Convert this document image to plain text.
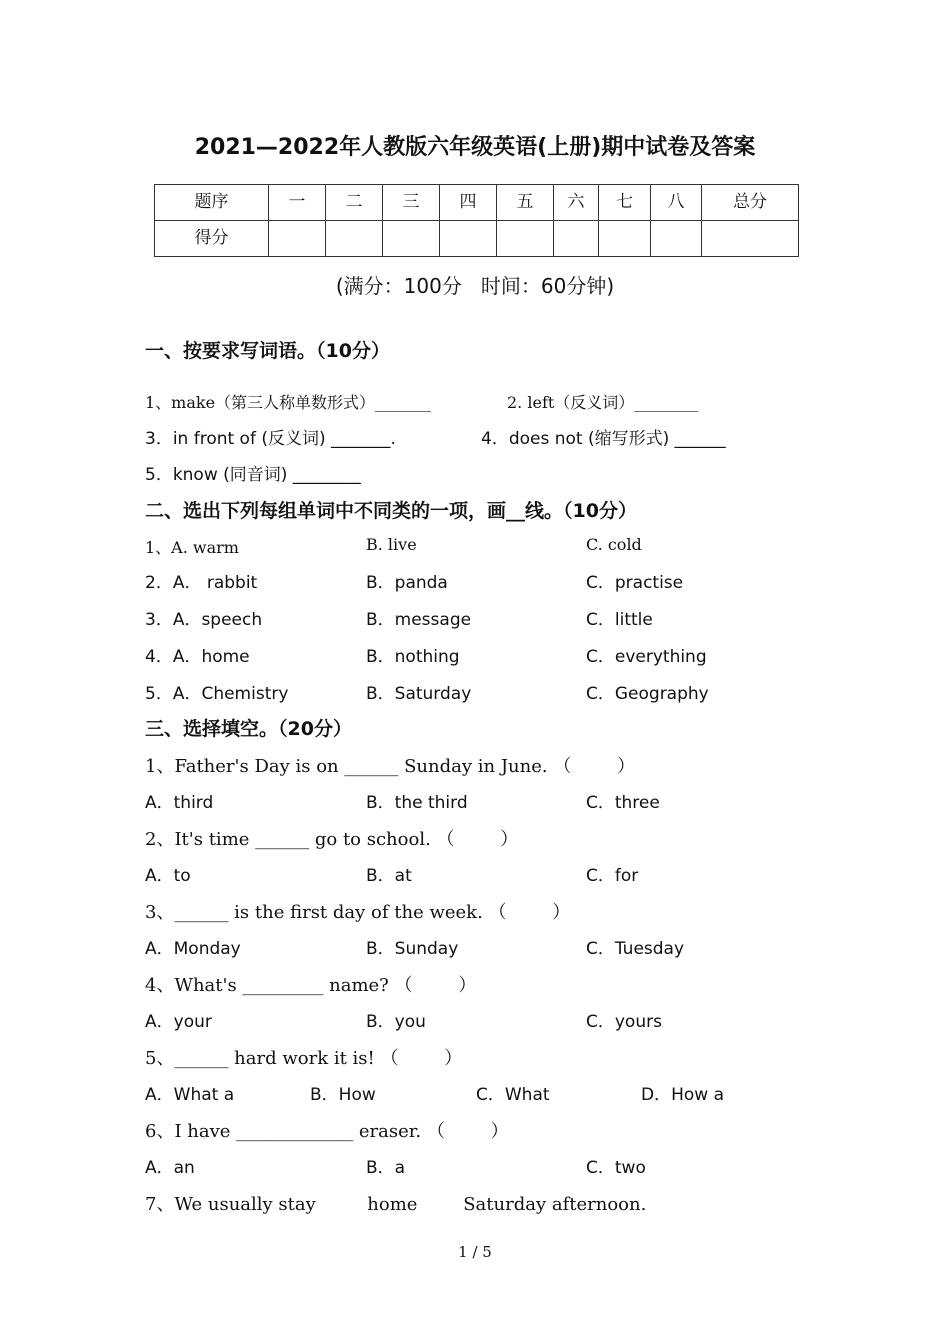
2021—2022年人教版六年级英语(上册)期中试卷及答案
题序	一	二	三	四	五	六	七	八	总分
得分									
(满分：100分   时间：60分钟)
一、按要求写词语。（10分）
1、make（第三人称单数形式）_______	2. left（反义词）________
3．in front of (反义词) _______.	4．does not (缩写形式) ______
5．know (同音词) ________
二、选出下列每组单词中不同类的一项，画__线。（10分）
1、A. warm	B. live	C. cold
2．A． rabbit	B．panda	C．practise
3．A．speech	B．message	C．little
4．A．home	B．nothing	C．everything
5．A．Chemistry	B．Saturday	C．Geography
三、选择填空。（20分）
1、Father's Day is on ______ Sunday in June. （        ）
A．third	B．the third	C．three
2、It's time ______ go to school. （        ）
A．to	B．at	C．for
3、______ is the first day of the week. （        ）
A．Monday	B．Sunday	C．Tuesday
4、What's _________ name? （        ）
A．your	B．you	C．yours
5、______ hard work it is! （        ）
A．What a	B．How	C．What	D．How a
6、I have _____________ eraser. （        ）
A．an	B．a	C．two
7、We usually stay         home        Saturday afternoon.
1 / 5
